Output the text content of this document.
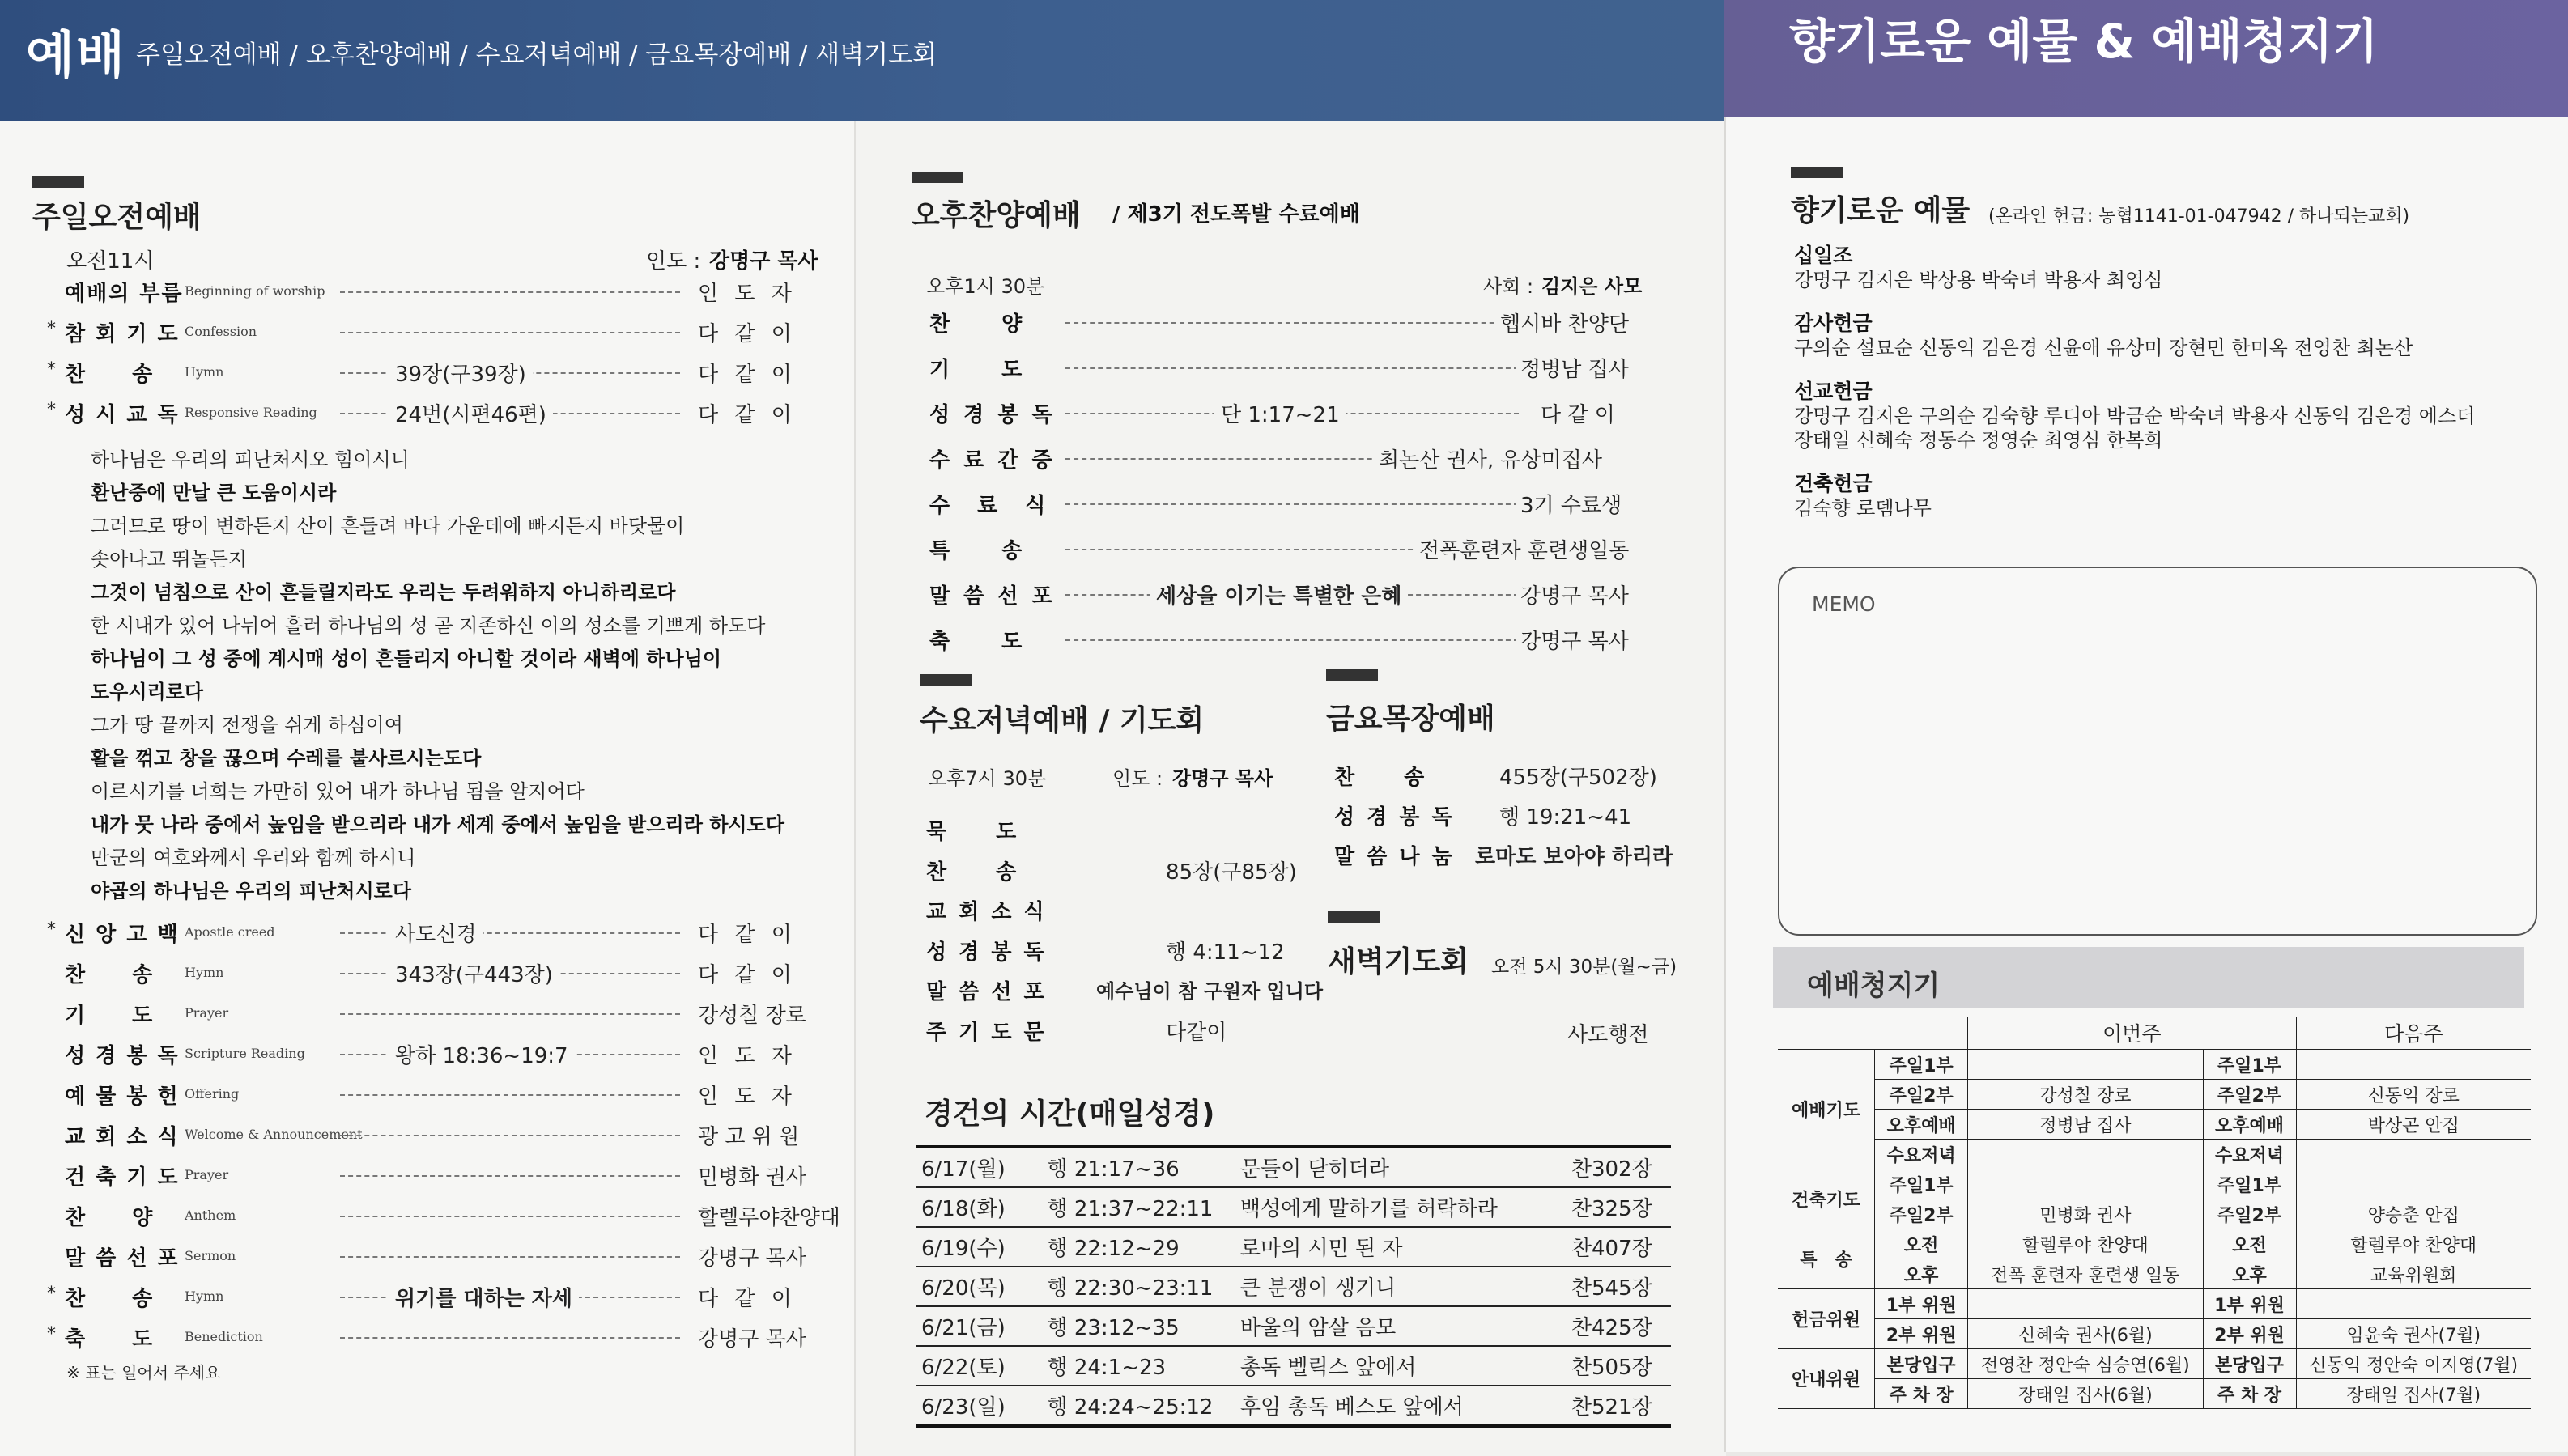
예배 주일오전예배 / 오후찬양예배 / 수요저녁예배 / 금요목장예배 / 새벽기도회	향기로운 예물 & 예배청지기
주일오전예배
오전11시	인도 : 강명구 목사
예배의 부름 Beginning of worship	인 도 자
* 참 회 기 도 Confession	다 같 이
* 찬　　송 Hymn	39장(구39장)	다 같 이
* 성 시 교 독 Responsive Reading	24번(시편46편)	다 같 이
하나님은 우리의 피난처시오 힘이시니
환난중에 만날 큰 도움이시라
그러므로 땅이 변하든지 산이 흔들려 바다 가운데에 빠지든지 바닷물이
솟아나고 뛰놀든지
그것이 넘침으로 산이 흔들릴지라도 우리는 두려워하지 아니하리로다
한 시내가 있어 나뉘어 흘러 하나님의 성 곧 지존하신 이의 성소를 기쁘게 하도다
하나님이 그 성 중에 계시매 성이 흔들리지 아니할 것이라 새벽에 하나님이
도우시리로다
그가 땅 끝까지 전쟁을 쉬게 하심이여
활을 꺾고 창을 끊으며 수레를 불사르시는도다
이르시기를 너희는 가만히 있어 내가 하나님 됨을 알지어다
내가 뭇 나라 중에서 높임을 받으리라 내가 세계 중에서 높임을 받으리라 하시도다
만군의 여호와께서 우리와 함께 하시니
야곱의 하나님은 우리의 피난처시로다
* 신 앙 고 백 Apostle creed	사도신경	다 같 이
찬　　송 Hymn	343장(구443장)	다 같 이
기　　도 Prayer	강성칠 장로
성 경 봉 독 Scripture Reading	왕하 18:36~19:7	인 도 자
예 물 봉 헌 Offering	인 도 자
교 회 소 식 Welcome & Announcement	광 고 위 원
건 축 기 도 Prayer	민병화 권사
찬　　양 Anthem	할렐루야찬양대
말 씀 선 포 Sermon	강명구 목사
* 찬　　송 Hymn	위기를 대하는 자세	다 같 이
* 축　　도 Benediction	강명구 목사
※ 표는 일어서 주세요
오후찬양예배 / 제3기 전도폭발 수료예배
오후1시 30분	사회 : 김지은 사모
찬　　양	헵시바 찬양단
기　　도	정병남 집사
성 경 봉 독	단 1:17~21	다 같 이
수 료 간 증	최논산 권사, 유상미집사
수　료　식	3기 수료생
특　　송	전폭훈련자 훈련생일동
말 씀 선 포	세상을 이기는 특별한 은혜	강명구 목사
축　　도	강명구 목사
수요저녁예배 / 기도회
오후7시 30분	인도 : 강명구 목사
묵　　도
찬　　송	85장(구85장)
교 회 소 식
성 경 봉 독	행 4:11~12
말 씀 선 포	예수님이 참 구원자 입니다
주 기 도 문	다같이
금요목장예배
찬　　송	455장(구502장)
성 경 봉 독 행 19:21~41
말 씀 나 눔 로마도 보아야 하리라
새벽기도회 오전 5시 30분(월~금)
사도행전
경건의 시간(매일성경)
6/17(월)	행 21:17~36	문들이 닫히더라	찬302장
6/18(화)	행 21:37~22:11	백성에게 말하기를 허락하라	찬325장
6/19(수)	행 22:12~29	로마의 시민 된 자	찬407장
6/20(목)	행 22:30~23:11	큰 분쟁이 생기니	찬545장
6/21(금)	행 23:12~35	바울의 암살 음모	찬425장
6/22(토)	행 24:1~23	총독 벨릭스 앞에서	찬505장
6/23(일)	행 24:24~25:12	후임 총독 베스도 앞에서	찬521장
향기로운 예물 (온라인 헌금: 농협1141-01-047942 / 하나되는교회)
십일조
강명구 김지은 박상용 박숙녀 박용자 최영심
감사헌금
구의순 설묘순 신동익 김은경 신윤애 유상미 장현민 한미옥 전영찬 최논산
선교헌금
강명구 김지은 구의순 김숙향 루디아 박금순 박숙녀 박용자 신동익 김은경 에스더
장태일 신혜숙 정동수 정영순 최영심 한복희
건축헌금
김숙향 로뎀나무
MEMO
예배청지기
		이번주		다음주
예배기도	주일1부		주일1부	
	주일2부	강성칠 장로	주일2부	신동익 장로
	오후예배	정병남 집사	오후예배	박상곤 안집
	수요저녁		수요저녁	
건축기도	주일1부		주일1부	
	주일2부	민병화 권사	주일2부	양승춘 안집
특　송	오전	할렐루야 찬양대	오전	할렐루야 찬양대
	오후	전폭 훈련자 훈련생 일동	오후	교육위원회
헌금위원	1부 위원		1부 위원	
	2부 위원	신혜숙 권사(6월)	2부 위원	임윤숙 권사(7월)
안내위원	본당입구	전영찬 정안숙 심승연(6월)	본당입구	신동익 정안숙 이지영(7월)
	주 차 장	장태일 집사(6월)	주 차 장	장태일 집사(7월)
